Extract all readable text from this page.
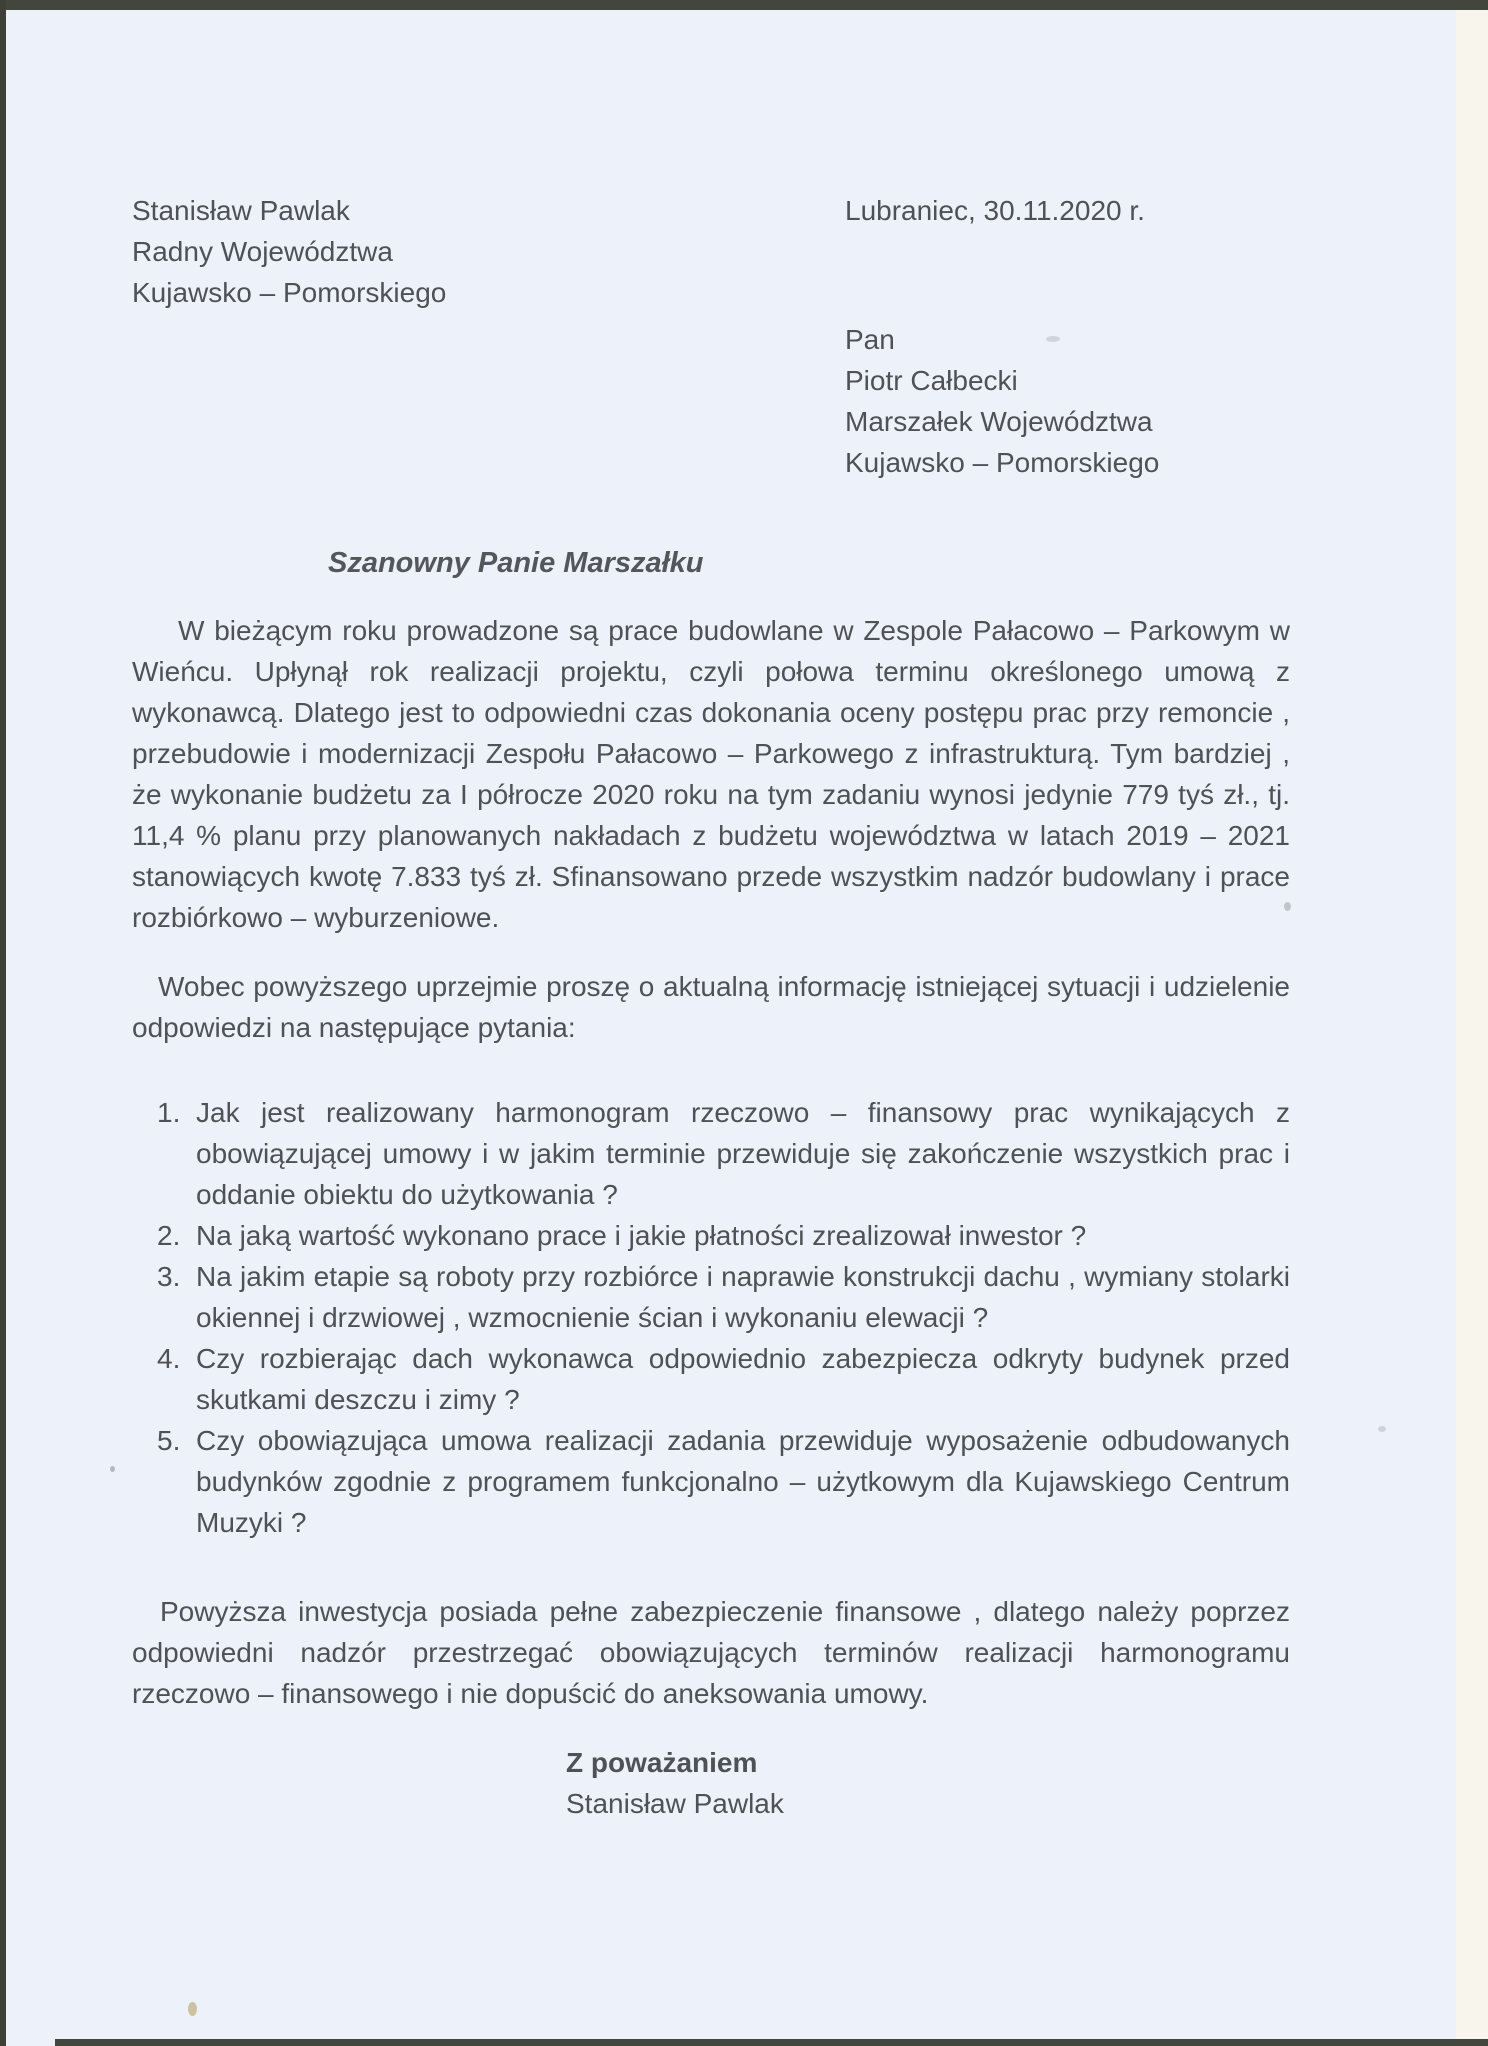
Stanisław Pawlak
Radny Województwa
Kujawsko – Pomorskiego
Lubraniec, 30.11.2020 r.
Pan
Piotr Całbecki
Marszałek Województwa
Kujawsko – Pomorskiego
Szanowny Panie Marszałku

W bieżącym roku prowadzone są prace budowlane w Zespole Pałacowo – Parkowym w Wieńcu. Upłynął rok realizacji projektu, czyli połowa terminu określonego umową z wykonawcą. Dlatego jest to odpowiedni czas dokonania oceny postępu prac przy remoncie , przebudowie i modernizacji Zespołu Pałacowo – Parkowego z infrastrukturą. Tym bardziej , że wykonanie budżetu za I półrocze 2020 roku na tym zadaniu wynosi jedynie 779 tyś zł., tj. 11,4 % planu przy planowanych nakładach z budżetu województwa w latach 2019 – 2021 stanowiących kwotę 7.833 tyś zł. Sfinansowano przede wszystkim nadzór budowlany i prace rozbiórkowo – wyburzeniowe.

Wobec powyższego uprzejmie proszę o aktualną informację istniejącej sytuacji i udzielenie odpowiedzi na następujące pytania:

1. Jak jest realizowany harmonogram rzeczowo – finansowy prac wynikających z obowiązującej umowy i w jakim terminie przewiduje się zakończenie wszystkich prac i oddanie obiektu do użytkowania ?
2. Na jaką wartość wykonano prace i jakie płatności zrealizował inwestor ?
3. Na jakim etapie są roboty przy rozbiórce i naprawie konstrukcji dachu , wymiany stolarki okiennej i drzwiowej , wzmocnienie ścian i wykonaniu elewacji ?
4. Czy rozbierając dach wykonawca odpowiednio zabezpiecza odkryty budynek przed skutkami deszczu i zimy ?
5. Czy obowiązująca umowa realizacji zadania przewiduje wyposażenie odbudowanych budynków zgodnie z programem funkcjonalno – użytkowym dla Kujawskiego Centrum Muzyki ?

Powyższa inwestycja posiada pełne zabezpieczenie finansowe , dlatego należy poprzez odpowiedni nadzór przestrzegać obowiązujących terminów realizacji harmonogramu rzeczowo – finansowego i nie dopuścić do aneksowania umowy.

Z poważaniem
Stanisław Pawlak
